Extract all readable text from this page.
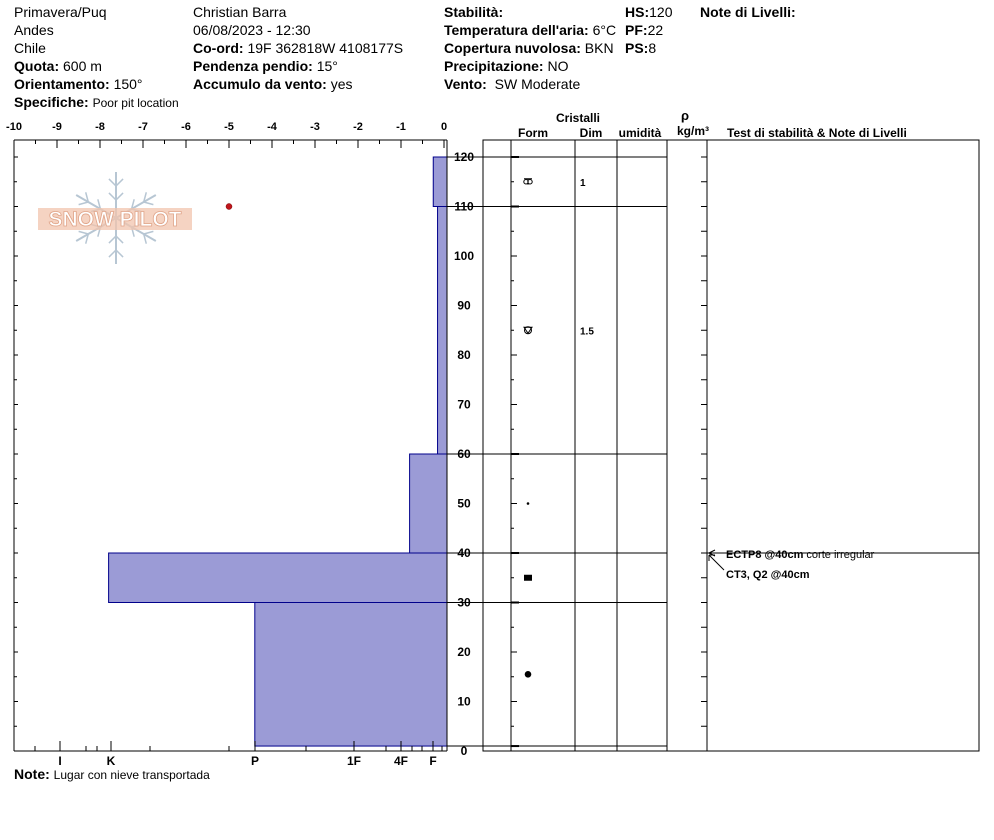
Primavera/Puq
Andes
Chile
Quota: 600 m
Orientamento: 150°
Specifiche: Poor pit location
Christian Barra
06/08/2023 - 12:30
Co-ord: 19F 362818W 4108177S
Pendenza pendio: 15°
Accumulo da vento: yes
Stabilità:
Temperatura dell'aria: 6°C
Copertura nuvolosa: BKN
Precipitazione: NO
Vento: SW Moderate
HS:120
PF:22
PS:8
Note di Livelli:
Note: Lugar con nieve transportada
SNOW PILOT
-10	-9	-8	-7	-6	-5	-4	-3	-2	-1	0
I	K	P	1F	4F F
0
10
20
30
40
50
60
70
80
90
100
110
120
Cristalli
Form	Dim umidità
ρ
kg/m³ Test di stabilità & Note di Livelli
1
1.5
ECTP8 @40cm corte irregular
CT3, Q2 @40cm
